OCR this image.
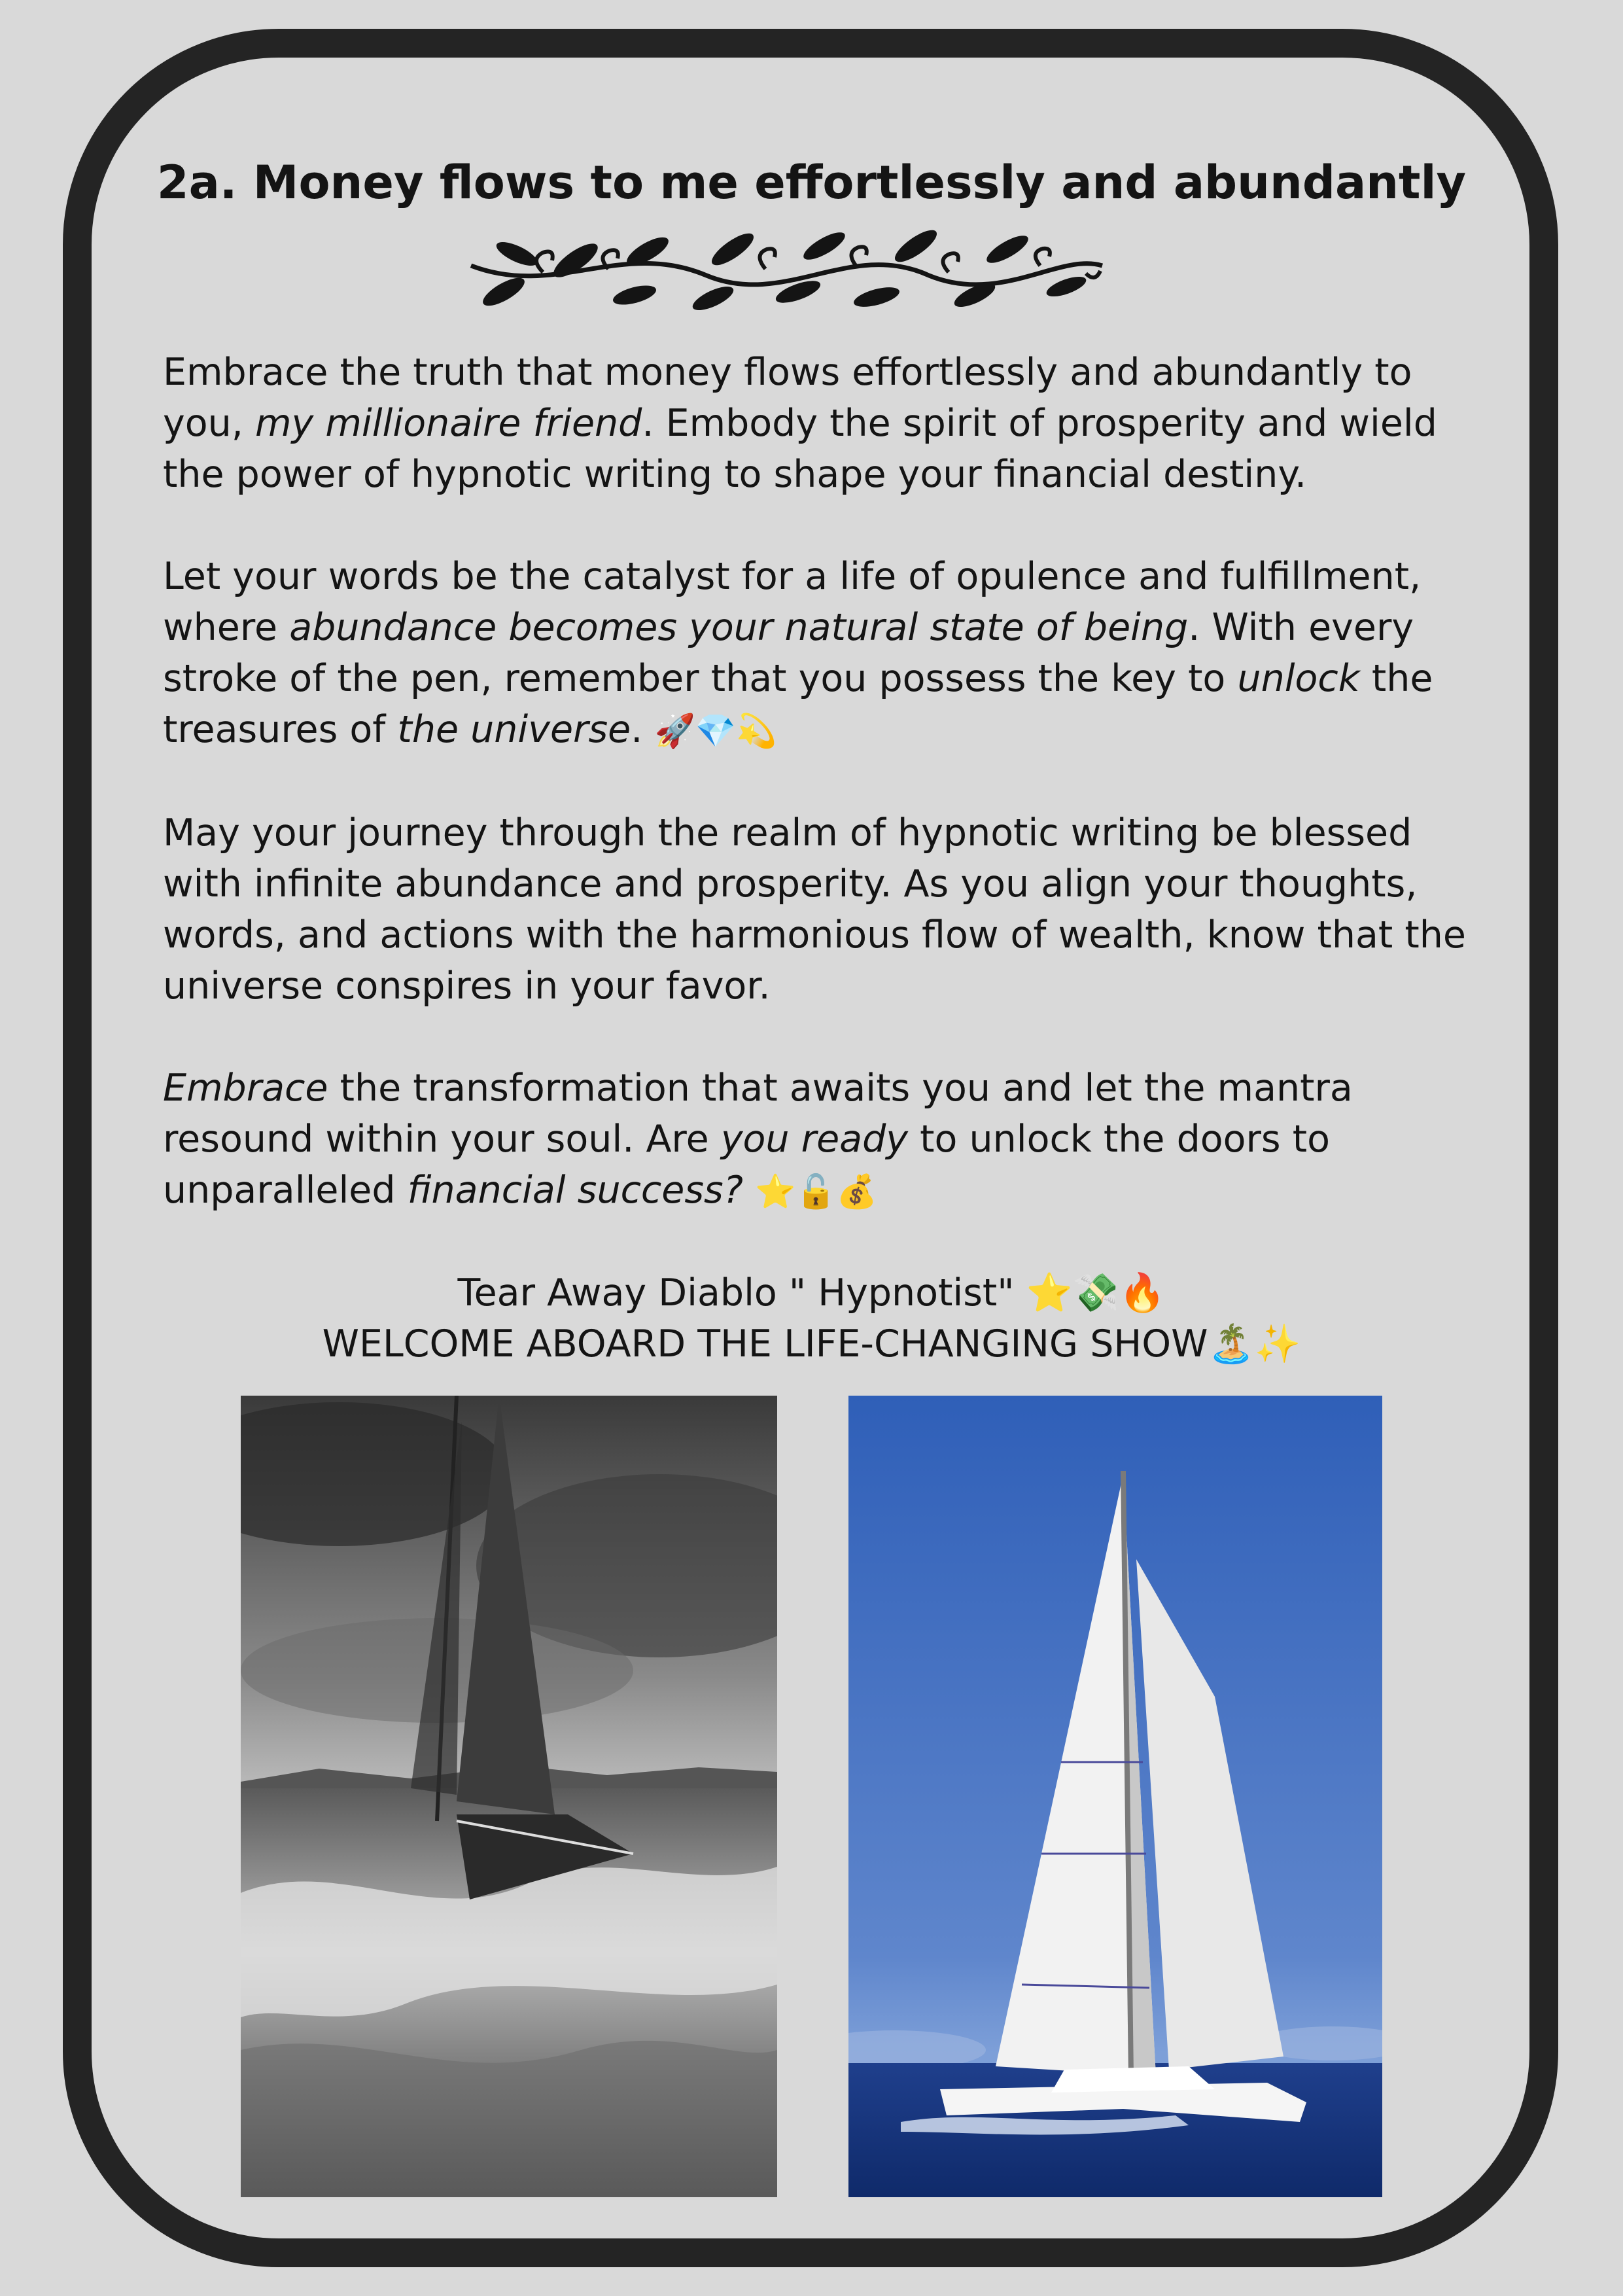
2a. Money flows to me effortlessly and abundantly

Embrace the truth that money flows effortlessly and abundantly to you, my millionaire friend. Embody the spirit of prosperity and wield the power of hypnotic writing to shape your financial destiny.

Let your words be the catalyst for a life of opulence and fulfillment, where abundance becomes your natural state of being. With every stroke of the pen, remember that you possess the key to unlock the treasures of the universe. 🚀💎💫

May your journey through the realm of hypnotic writing be blessed with infinite abundance and prosperity. As you align your thoughts, words, and actions with the harmonious flow of wealth, know that the universe conspires in your favor.

Embrace the transformation that awaits you and let the mantra resound within your soul. Are you ready to unlock the doors to unparalleled financial success? ⭐🔓💰

Tear Away Diablo " Hypnotist" ⭐💸🔥
WELCOME ABOARD THE LIFE-CHANGING SHOW🏝️✨
